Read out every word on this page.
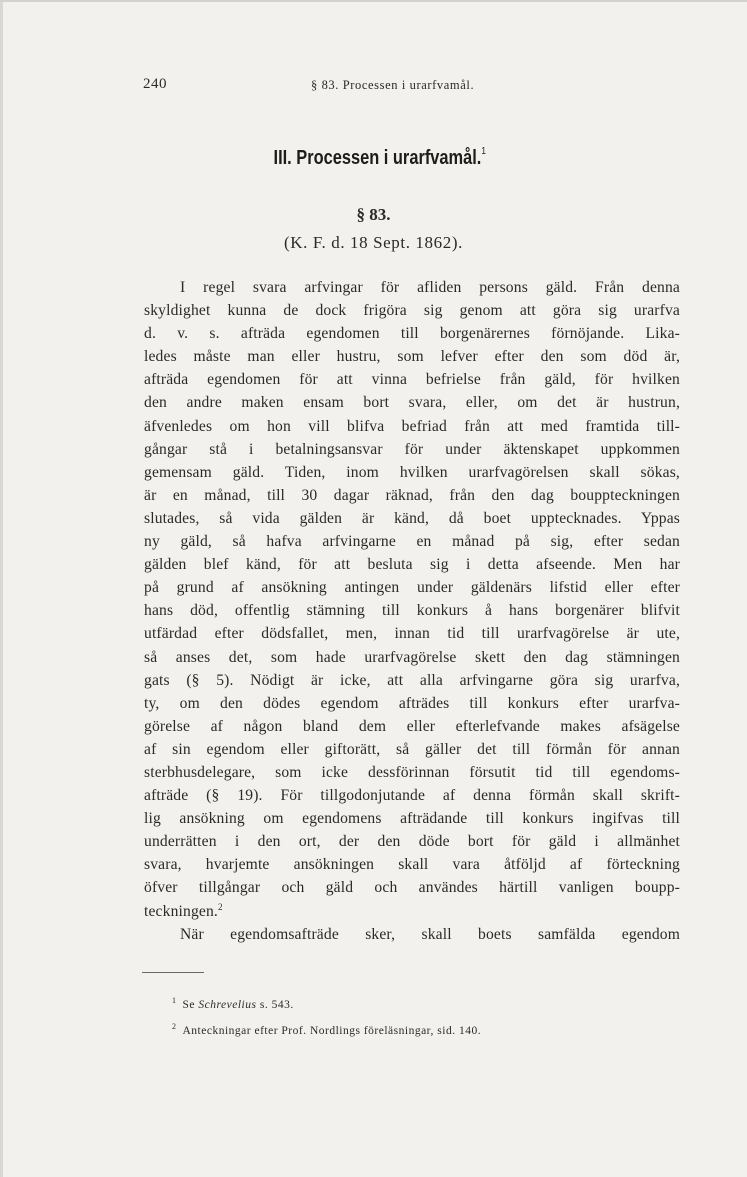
240	§ 83. Processen i urarfvamål.
III. Processen i urarfvamål.$^1$
§ 83.
(K. F. d. 18 Sept. 1862).
I regel svara arfvingar för afliden persons gäld. Från denna
skyldighet kunna de dock frigöra sig genom att göra sig urarfva
d. v. s. afträda egendomen till borgenärernes förnöjande. Lika-
ledes måste man eller hustru, som lefver efter den som död är,
afträda egendomen för att vinna befrielse från gäld, för hvilken
den andre maken ensam bort svara, eller, om det är hustrun,
äfvenledes om hon vill blifva befriad från att med framtida till-
gångar stå i betalningsansvar för under äktenskapet uppkommen
gemensam gäld. Tiden, inom hvilken urarfvagörelsen skall sökas,
är en månad, till 30 dagar räknad, från den dag bouppteckningen
slutades, så vida gälden är känd, då boet upptecknades. Yppas
ny gäld, så hafva arfvingarne en månad på sig, efter sedan
gälden blef känd, för att besluta sig i detta afseende. Men har
på grund af ansökning antingen under gäldenärs lifstid eller efter
hans död, offentlig stämning till konkurs å hans borgenärer blifvit
utfärdad efter dödsfallet, men, innan tid till urarfvagörelse är ute,
så anses det, som hade urarfvagörelse skett den dag stämningen
gats (§ 5). Nödigt är icke, att alla arfvingarne göra sig urarfva,
ty, om den dödes egendom afträdes till konkurs efter urarfva-
görelse af någon bland dem eller efterlefvande makes afsägelse
af sin egendom eller giftorätt, så gäller det till förmån för annan
sterbhusdelegare, som icke dessförinnan försutit tid till egendoms-
afträde (§ 19). För tillgodonjutande af denna förmån skall skrift-
lig ansökning om egendomens afträdande till konkurs ingifvas till
underrätten i den ort, der den döde bort för gäld i allmänhet
svara, hvarjemte ansökningen skall vara åtföljd af förteckning
öfver tillgångar och gäld och användes härtill vanligen boupp-
teckningen.$^2$
När egendomsafträde sker, skall boets samfälda egendom
$^1$ Se Schrevelius s. 543.
$^2$ Anteckningar efter Prof. Nordlings föreläsningar, sid. 140.
